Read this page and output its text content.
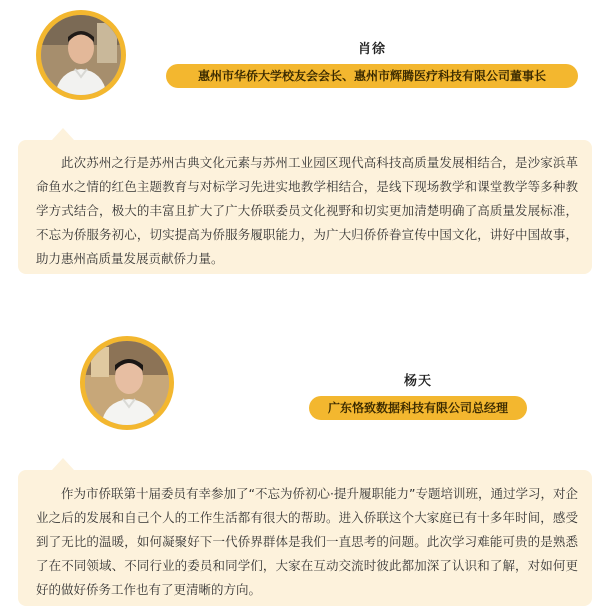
肖徐
惠州市华侨大学校友会会长、惠州市辉腾医疗科技有限公司董事长

此次苏州之行是苏州古典文化元素与苏州工业园区现代高科技高质量发展相结合，是沙家浜革命鱼水之情的红色主题教育与对标学习先进实地教学相结合，是线下现场教学和课堂教学等多种教学方式结合，极大的丰富且扩大了广大侨联委员文化视野和切实更加清楚明确了高质量发展标准，不忘为侨服务初心，切实提高为侨服务履职能力，为广大归侨侨眷宣传中国文化，讲好中国故事，助力惠州高质量发展贡献侨力量。

杨天
广东恪致数据科技有限公司总经理

作为市侨联第十届委员有幸参加了“不忘为侨初心·提升履职能力”专题培训班，通过学习，对企业之后的发展和自己个人的工作生活都有很大的帮助。进入侨联这个大家庭已有十多年时间，感受到了无比的温暖，如何凝聚好下一代侨界群体是我们一直思考的问题。此次学习难能可贵的是熟悉了在不同领域、不同行业的委员和同学们，大家在互动交流时彼此都加深了认识和了解，对如何更好的做好侨务工作也有了更清晰的方向。
